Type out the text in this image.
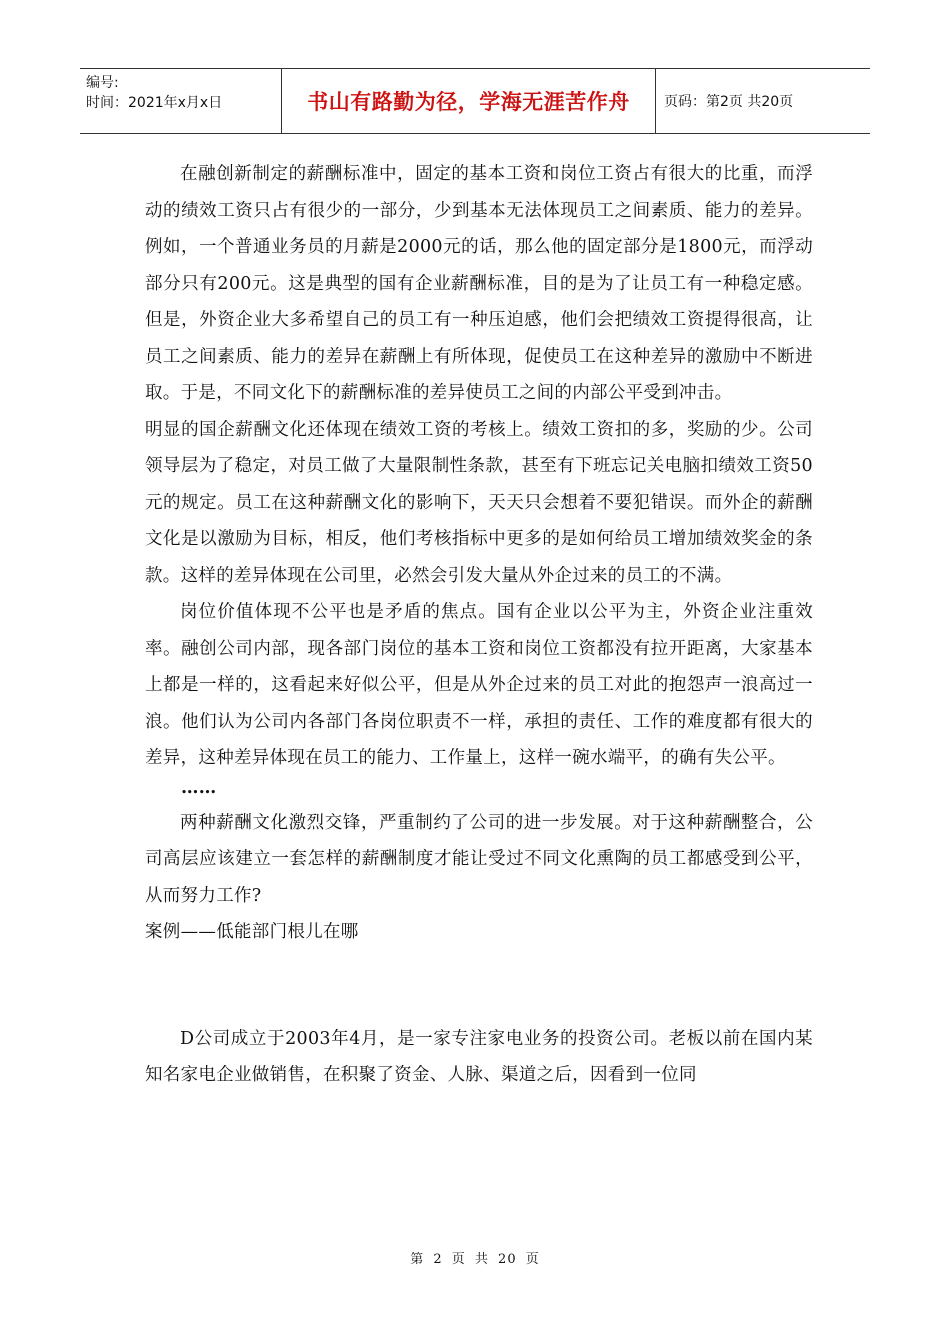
编号:
时间：2021年x月x日	书山有路勤为径，学海无涯苦作舟	页码：第2页 共20页

在融创新制定的薪酬标准中，固定的基本工资和岗位工资占有很大的比重，而浮动的绩效工资只占有很少的一部分，少到基本无法体现员工之间素质、能力的差异。例如，一个普通业务员的月薪是2000元的话，那么他的固定部分是1800元，而浮动部分只有200元。这是典型的国有企业薪酬标准，目的是为了让员工有一种稳定感。但是，外资企业大多希望自己的员工有一种压迫感，他们会把绩效工资提得很高，让员工之间素质、能力的差异在薪酬上有所体现，促使员工在这种差异的激励中不断进取。于是，不同文化下的薪酬标准的差异使员工之间的内部公平受到冲击。

明显的国企薪酬文化还体现在绩效工资的考核上。绩效工资扣的多，奖励的少。公司领导层为了稳定，对员工做了大量限制性条款，甚至有下班忘记关电脑扣绩效工资50元的规定。员工在这种薪酬文化的影响下，天天只会想着不要犯错误。而外企的薪酬文化是以激励为目标，相反，他们考核指标中更多的是如何给员工增加绩效奖金的条款。这样的差异体现在公司里，必然会引发大量从外企过来的员工的不满。

岗位价值体现不公平也是矛盾的焦点。国有企业以公平为主，外资企业注重效率。融创公司内部，现各部门岗位的基本工资和岗位工资都没有拉开距离，大家基本上都是一样的，这看起来好似公平，但是从外企过来的员工对此的抱怨声一浪高过一浪。他们认为公司内各部门各岗位职责不一样，承担的责任、工作的难度都有很大的差异，这种差异体现在员工的能力、工作量上，这样一碗水端平，的确有失公平。

……

两种薪酬文化激烈交锋，严重制约了公司的进一步发展。对于这种薪酬整合，公司高层应该建立一套怎样的薪酬制度才能让受过不同文化熏陶的员工都感受到公平，从而努力工作?

案例——低能部门根儿在哪

D公司成立于2003年4月，是一家专注家电业务的投资公司。老板以前在国内某知名家电企业做销售，在积聚了资金、人脉、渠道之后，因看到一位同

第 2 页 共 20 页
